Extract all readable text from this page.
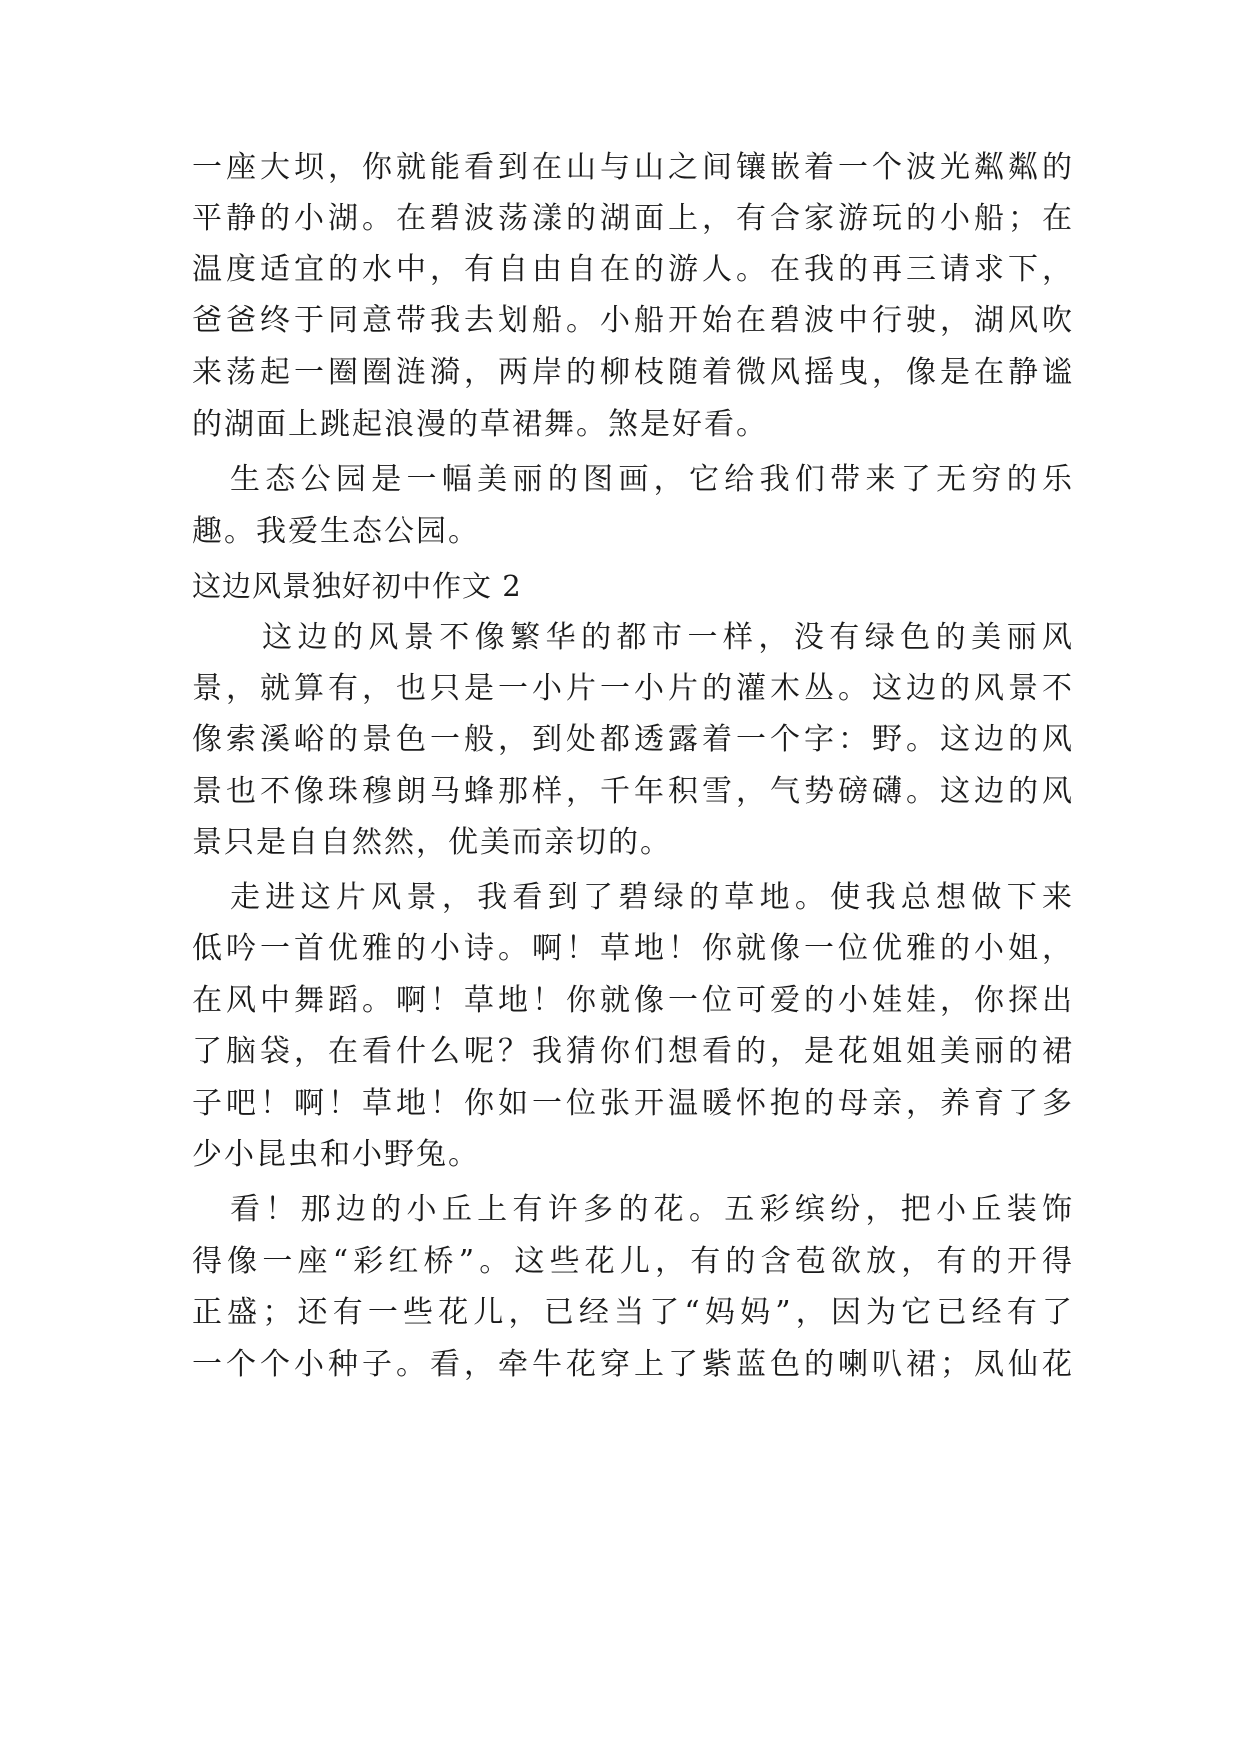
一座大坝，你就能看到在山与山之间镶嵌着一个波光粼粼的
平静的小湖。在碧波荡漾的湖面上，有合家游玩的小船；在
温度适宜的水中，有自由自在的游人。在我的再三请求下，
爸爸终于同意带我去划船。小船开始在碧波中行驶，湖风吹
来荡起一圈圈涟漪，两岸的柳枝随着微风摇曳，像是在静谧
的湖面上跳起浪漫的草裙舞。煞是好看。
生态公园是一幅美丽的图画，它给我们带来了无穷的乐
趣。我爱生态公园。
这边风景独好初中作文 2
这边的风景不像繁华的都市一样，没有绿色的美丽风
景，就算有，也只是一小片一小片的灌木丛。这边的风景不
像索溪峪的景色一般，到处都透露着一个字：野。这边的风
景也不像珠穆朗马蜂那样，千年积雪，气势磅礴。这边的风
景只是自自然然，优美而亲切的。
走进这片风景，我看到了碧绿的草地。使我总想做下来
低吟一首优雅的小诗。啊！草地！你就像一位优雅的小姐，
在风中舞蹈。啊！草地！你就像一位可爱的小娃娃，你探出
了脑袋，在看什么呢？我猜你们想看的，是花姐姐美丽的裙
子吧！啊！草地！你如一位张开温暖怀抱的母亲，养育了多
少小昆虫和小野兔。
看！那边的小丘上有许多的花。五彩缤纷，把小丘装饰
得像一座“彩红桥”。这些花儿，有的含苞欲放，有的开得
正盛；还有一些花儿，已经当了“妈妈”，因为它已经有了
一个个小种子。看，牵牛花穿上了紫蓝色的喇叭裙；凤仙花
